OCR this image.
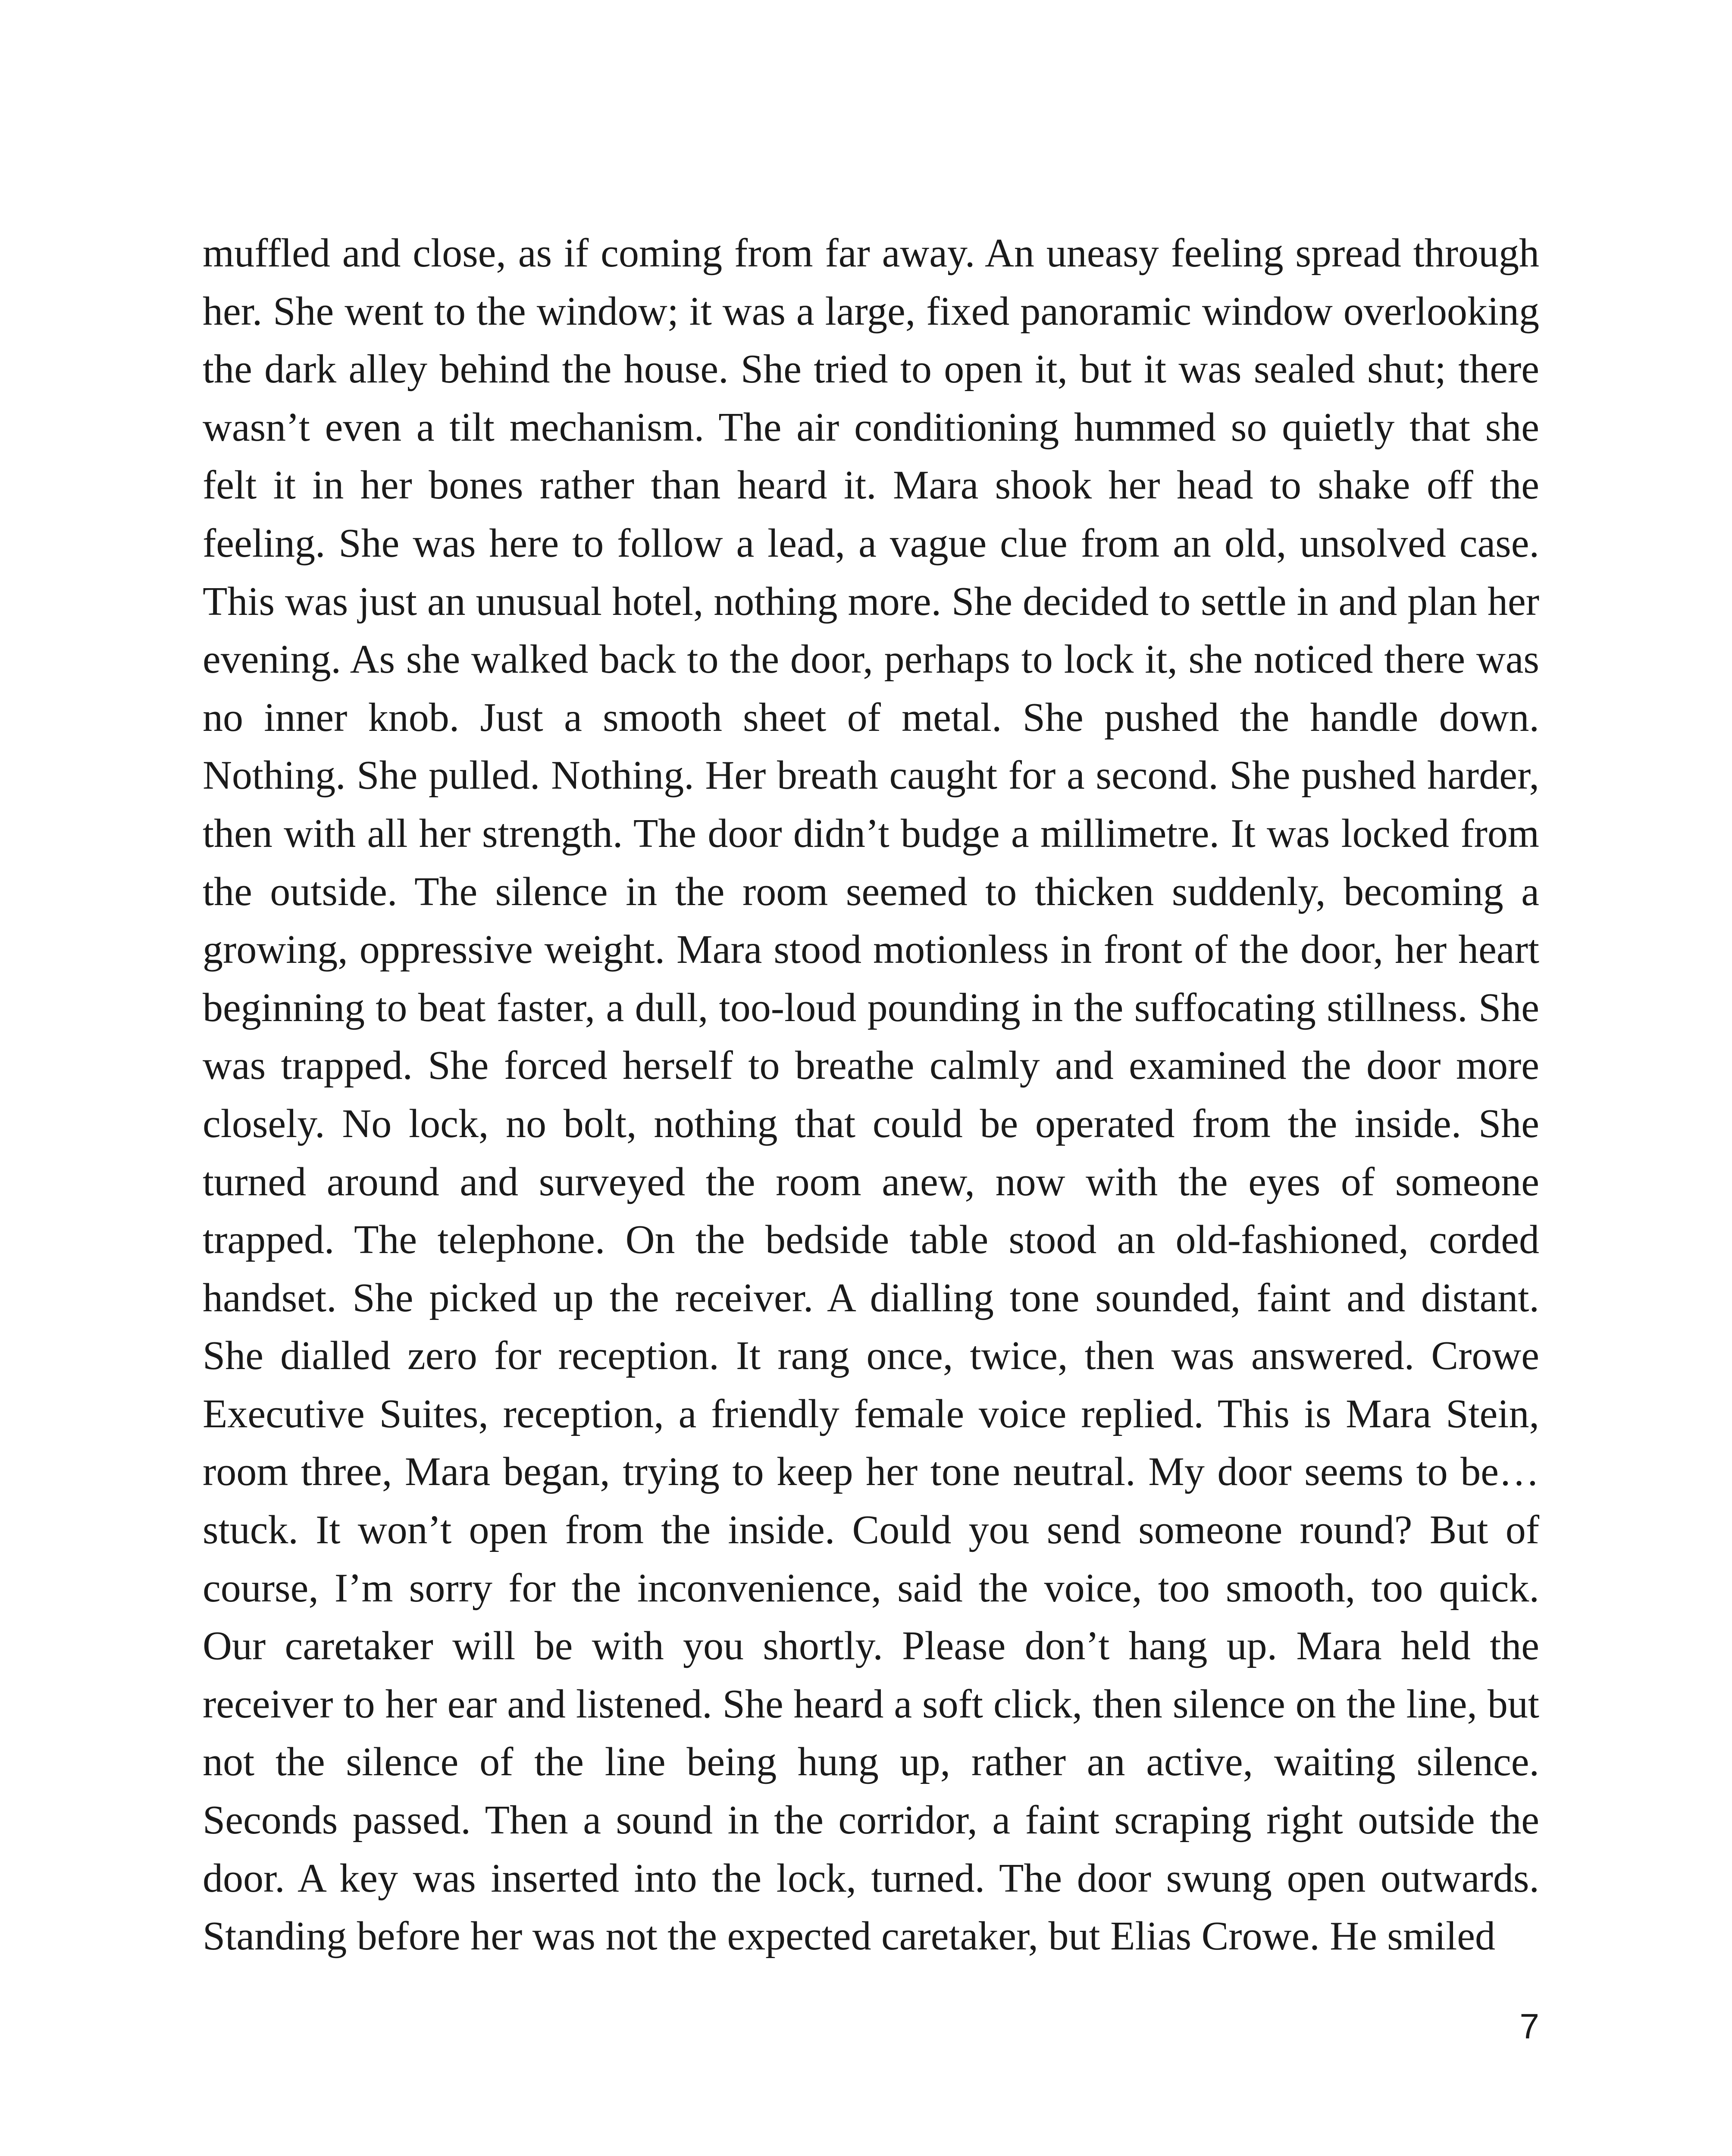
muffled and close, as if coming from far away. An uneasy feeling spread through her. She went to the window; it was a large, fixed panoramic window overlooking the dark alley behind the house. She tried to open it, but it was sealed shut; there wasn’t even a tilt mechanism. The air conditioning hummed so quietly that she felt it in her bones rather than heard it. Mara shook her head to shake off the feeling. She was here to follow a lead, a vague clue from an old, unsolved case. This was just an unusual hotel, nothing more. She decided to settle in and plan her evening. As she walked back to the door, perhaps to lock it, she noticed there was no inner knob. Just a smooth sheet of metal. She pushed the handle down. Nothing. She pulled. Nothing. Her breath caught for a second. She pushed harder, then with all her strength. The door didn’t budge a millimetre. It was locked from the outside. The silence in the room seemed to thicken suddenly, becoming a growing, oppressive weight. Mara stood motionless in front of the door, her heart beginning to beat faster, a dull, too-loud pounding in the suffocating stillness. She was trapped. She forced herself to breathe calmly and examined the door more closely. No lock, no bolt, nothing that could be operated from the inside. She turned around and surveyed the room anew, now with the eyes of someone trapped. The telephone. On the bedside table stood an old-fashioned, corded handset. She picked up the receiver. A dialling tone sounded, faint and distant. She dialled zero for reception. It rang once, twice, then was answered. Crowe Executive Suites, reception, a friendly female voice replied. This is Mara Stein, room three, Mara began, trying to keep her tone neutral. My door seems to be… stuck. It won’t open from the inside. Could you send someone round? But of course, I’m sorry for the inconvenience, said the voice, too smooth, too quick. Our caretaker will be with you shortly. Please don’t hang up. Mara held the receiver to her ear and listened. She heard a soft click, then silence on the line, but not the silence of the line being hung up, rather an active, waiting silence. Seconds passed. Then a sound in the corridor, a faint scraping right outside the door. A key was inserted into the lock, turned. The door swung open outwards. Standing before her was not the expected caretaker, but Elias Crowe. He smiled

7
